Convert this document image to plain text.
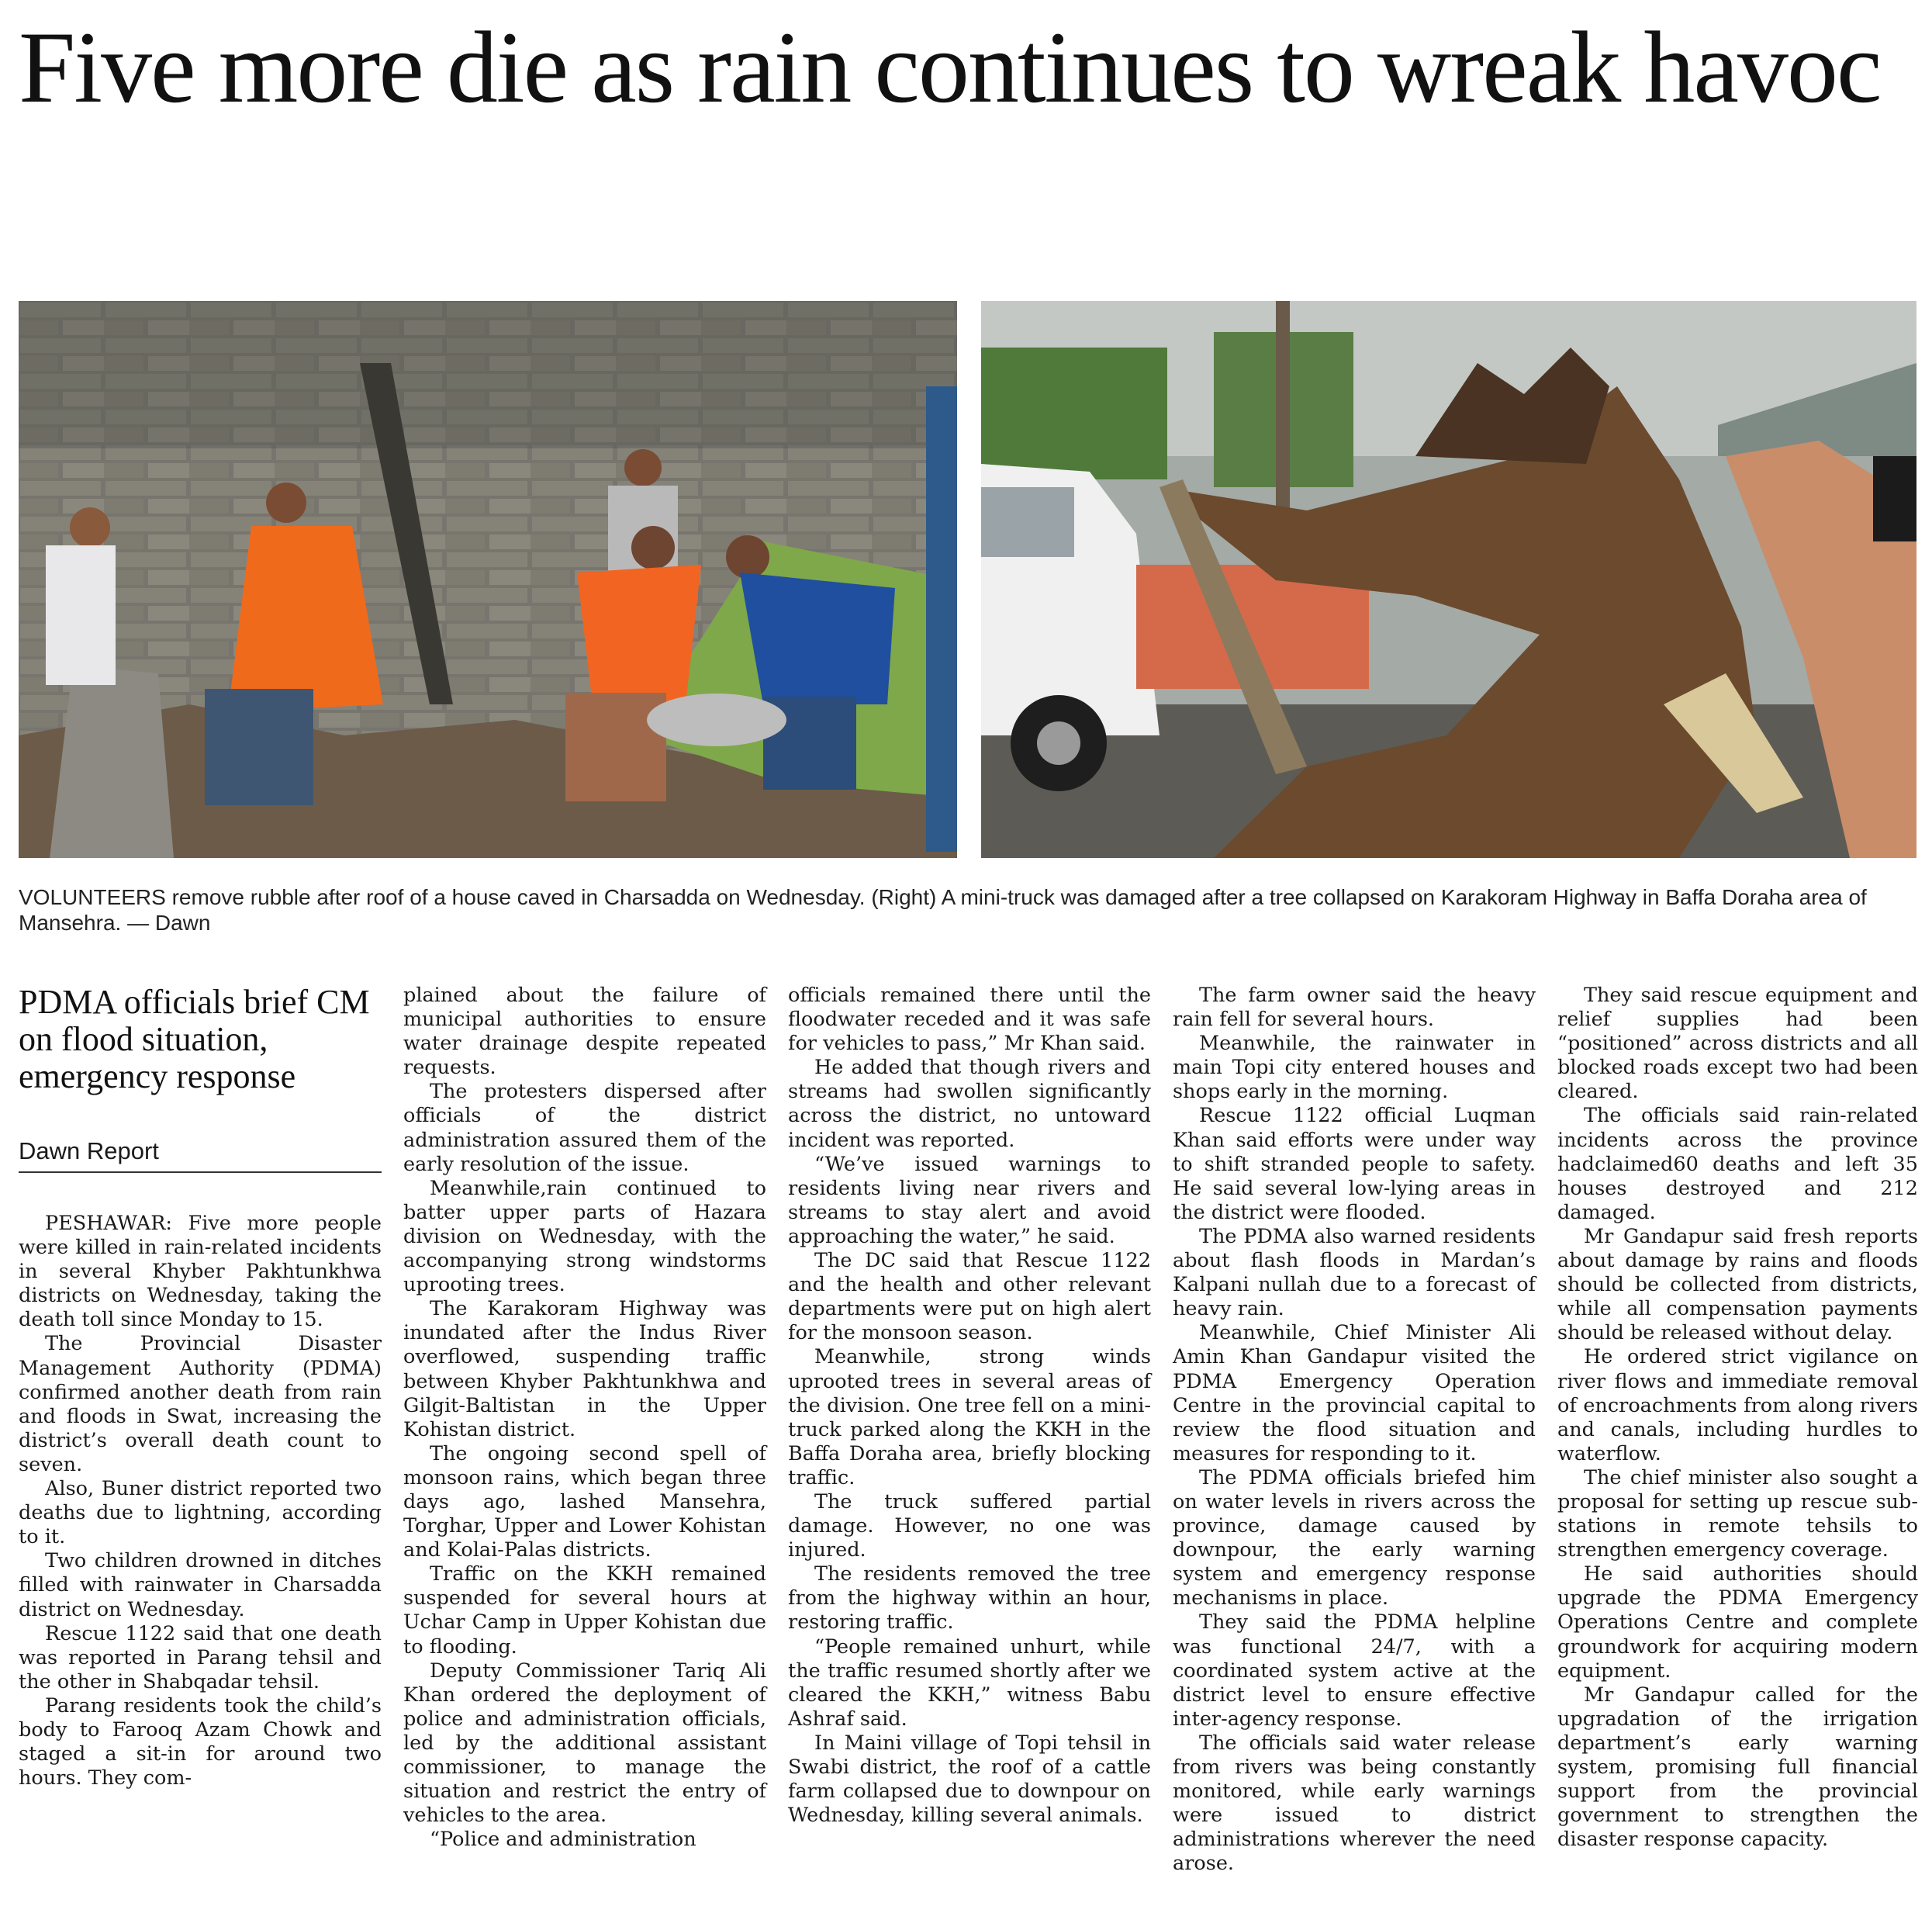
Five more die as rain continues to wreak havoc

VOLUNTEERS remove rubble after roof of a house caved in Charsadda on Wednesday. (Right) A mini-truck was damaged after a tree collapsed on Karakoram Highway in Baffa Doraha area of Mansehra. — Dawn

PDMA officials brief CM on flood situation, emergency response
Dawn Report

PESHAWAR: Five more people were killed in rain-related incidents in several Khyber Pakhtunkhwa districts on Wednesday, taking the death toll since Monday to 15.

The Provincial Disaster Management Authority (PDMA) confirmed another death from rain and floods in Swat, increasing the district’s overall death count to seven.

Also, Buner district reported two deaths due to lightning, according to it.

Two children drowned in ditches filled with rainwater in Charsadda district on Wednesday.

Rescue 1122 said that one death was reported in Parang tehsil and the other in Shabqadar tehsil.

Parang residents took the child’s body to Farooq Azam Chowk and staged a sit-in for around two hours. They com-

plained about the failure of municipal authorities to ensure water drainage despite repeated requests.

The protesters dispersed after officials of the district administration assured them of the early resolution of the issue.

Meanwhile,rain continued to batter upper parts of Hazara division on Wednesday, with the accompanying strong windstorms uprooting trees.

The Karakoram Highway was inundated after the Indus River overflowed, suspending traffic between Khyber Pakhtunkhwa and Gilgit-Baltistan in the Upper Kohistan district.

The ongoing second spell of monsoon rains, which began three days ago, lashed Mansehra, Torghar, Upper and Lower Kohistan and Kolai-Palas districts.

Traffic on the KKH remained suspended for several hours at Uchar Camp in Upper Kohistan due to flooding.

Deputy Commissioner Tariq Ali Khan ordered the deployment of police and administration officials, led by the additional assistant commissioner, to manage the situation and restrict the entry of vehicles to the area.

“Police and administration

officials remained there until the floodwater receded and it was safe for vehicles to pass,” Mr Khan said.

He added that though rivers and streams had swollen significantly across the district, no untoward incident was reported.

“We’ve issued warnings to residents living near rivers and streams to stay alert and avoid approaching the water,” he said.

The DC said that Rescue 1122 and the health and other relevant departments were put on high alert for the monsoon season.

Meanwhile, strong winds uprooted trees in several areas of the division. One tree fell on a mini-truck parked along the KKH in the Baffa Doraha area, briefly blocking traffic.

The truck suffered partial damage. However, no one was injured.

The residents removed the tree from the highway within an hour, restoring traffic.

“People remained unhurt, while the traffic resumed shortly after we cleared the KKH,” witness Babu Ashraf said.

In Maini village of Topi tehsil in Swabi district, the roof of a cattle farm collapsed due to downpour on Wednesday, killing several animals.

The farm owner said the heavy rain fell for several hours.

Meanwhile, the rainwater in main Topi city entered houses and shops early in the morning.

Rescue 1122 official Luqman Khan said efforts were under way to shift stranded people to safety. He said several low-lying areas in the district were flooded.

The PDMA also warned residents about flash floods in Mardan’s Kalpani nullah due to a forecast of heavy rain.

Meanwhile, Chief Minister Ali Amin Khan Gandapur visited the PDMA Emergency Operation Centre in the provincial capital to review the flood situation and measures for responding to it.

The PDMA officials briefed him on water levels in rivers across the province, damage caused by downpour, the early warning system and emergency response mechanisms in place.

They said the PDMA helpline was functional 24/7, with a coordinated system active at the district level to ensure effective inter-agency response.

The officials said water release from rivers was being constantly monitored, while early warnings were issued to district administrations wherever the need arose.

They said rescue equipment and relief supplies had been “positioned” across districts and all blocked roads except two had been cleared.

The officials said rain-related incidents across the province hadclaimed60 deaths and left 35 houses destroyed and 212 damaged.

Mr Gandapur said fresh reports about damage by rains and floods should be collected from districts, while all compensation payments should be released without delay.

He ordered strict vigilance on river flows and immediate removal of encroachments from along rivers and canals, including hurdles to waterflow.

The chief minister also sought a proposal for setting up rescue sub-stations in remote tehsils to strengthen emergency coverage.

He said authorities should upgrade the PDMA Emergency Operations Centre and complete groundwork for acquiring modern equipment.

Mr Gandapur called for the upgradation of the irrigation department’s early warning system, promising full financial support from the provincial government to strengthen the disaster response capacity.
